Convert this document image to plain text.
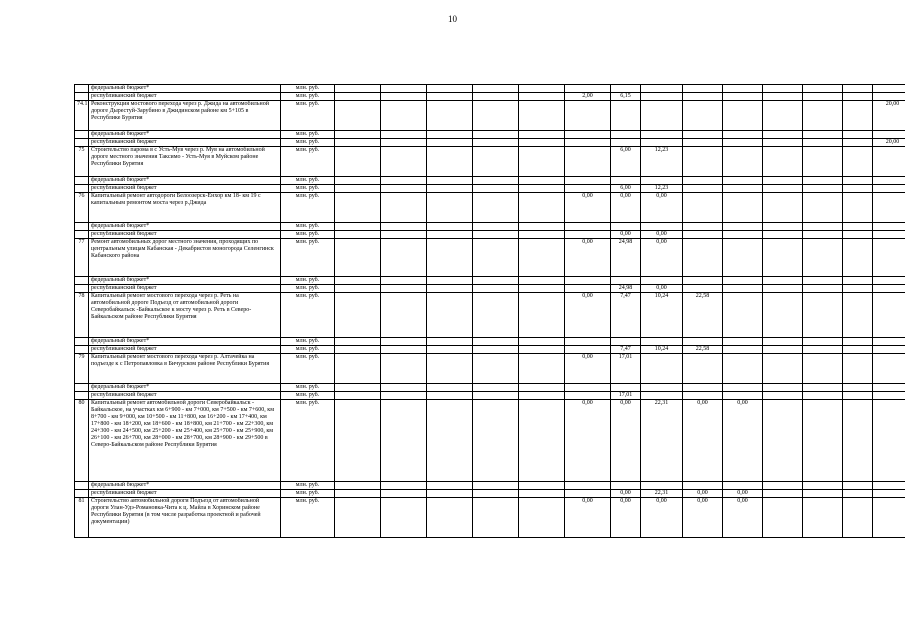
10
	федеральный бюджет*	млн. руб.																
	республиканский бюджет	млн. руб.						2,00	6,15									
74.1	Реконструкция мостового перехода через р. Джида на автомобильной дороге Дырестуй-Зарубино в Джидинском районе км 5+105 в Республике Бурятия	млн. руб.														20,00		
	федеральный бюджет*	млн. руб.																
	республиканский бюджет	млн. руб.														20,00		
75	Строительство парома в с Усть-Мув через р. Мув на автомобильной дороге местного значения Таксимо - Усть-Муя в Муйском районе Республики Бурятия	млн. руб.							6,00	12,23								
	федеральный бюджет*	млн. руб.																
	республиканский бюджет	млн. руб.							6,00	12,23								
76	Капитальный ремонт автодороги Белоозерск-Енхор км 18- км 19 с капитальным ремонтом моста через р.Джида	млн. руб.						0,00	0,00	0,00								
	федеральный бюджет*	млн. руб.																
	республиканский бюджет	млн. руб.							0,00	0,00								
77	Ремонт автомобильных дорог местного значения, проходящих по центральным улицам Кабанская - Декабристов моногорода Селенгинск Кабанского района	млн. руб.						0,00	24,98	0,00								
	федеральный бюджет*	млн. руб.																
	республиканский бюджет	млн. руб.							24,98	0,00								
78	Капитальный ремонт мостового перехода через р. Реть на автомобильной дороге Подъезд от автомобильной дороги Северобайкальск -Байкальское к мосту через р. Реть в Северо-Байкальском районе Республики Бурятия	млн. руб.						0,00	7,47	10,24	22,58							
	федеральный бюджет*	млн. руб.																
	республиканский бюджет	млн. руб.							7,47	10,24	22,58							
79	Капитальный ремонт мостового перехода через р. Алтачейка на подъезде к с Петропавловка в Бичурском районе Республики Бурятия	млн. руб.						0,00	17,01									
	федеральный бюджет*	млн. руб.																
	республиканский бюджет	млн. руб.							17,01									
80	Капитальный ремонт автомобильной дороги Северобайкальск - Байкальское, на участках км 6+900 - км 7+000, км 7+500 - км 7+600, км 8+700 - км 9+000, км 10+500 - км 11+800, км 16+200 - км 17+400, км 17+800 - км 18+200, км 18+600 - км 18+800, км 21+700 - км 22+300, км 24+300 - км 24+500, км 25+200 - км 25+400, км 25+700 - км 25+900, км 26+100 - км 26+700, км 28+000 - км 28+700, км 28+900 - км 29+500 в Северо-Байкальском районе Республики Бурятия	млн. руб.						0,00	0,00	22,31	0,00	0,00						
	федеральный бюджет*	млн. руб.																
	республиканский бюджет	млн. руб.							0,00	22,31	0,00	0,00						
81	Строительство автомобильной дороги Подъезд от автомобильной дороги Улан-Удэ-Романовка-Чита к ц. Майла в Хоринском районе Республики Бурятия (в том числе разработка проектной и рабочей документации)	млн. руб.						0,00	0,00	0,00	0,00	0,00						
